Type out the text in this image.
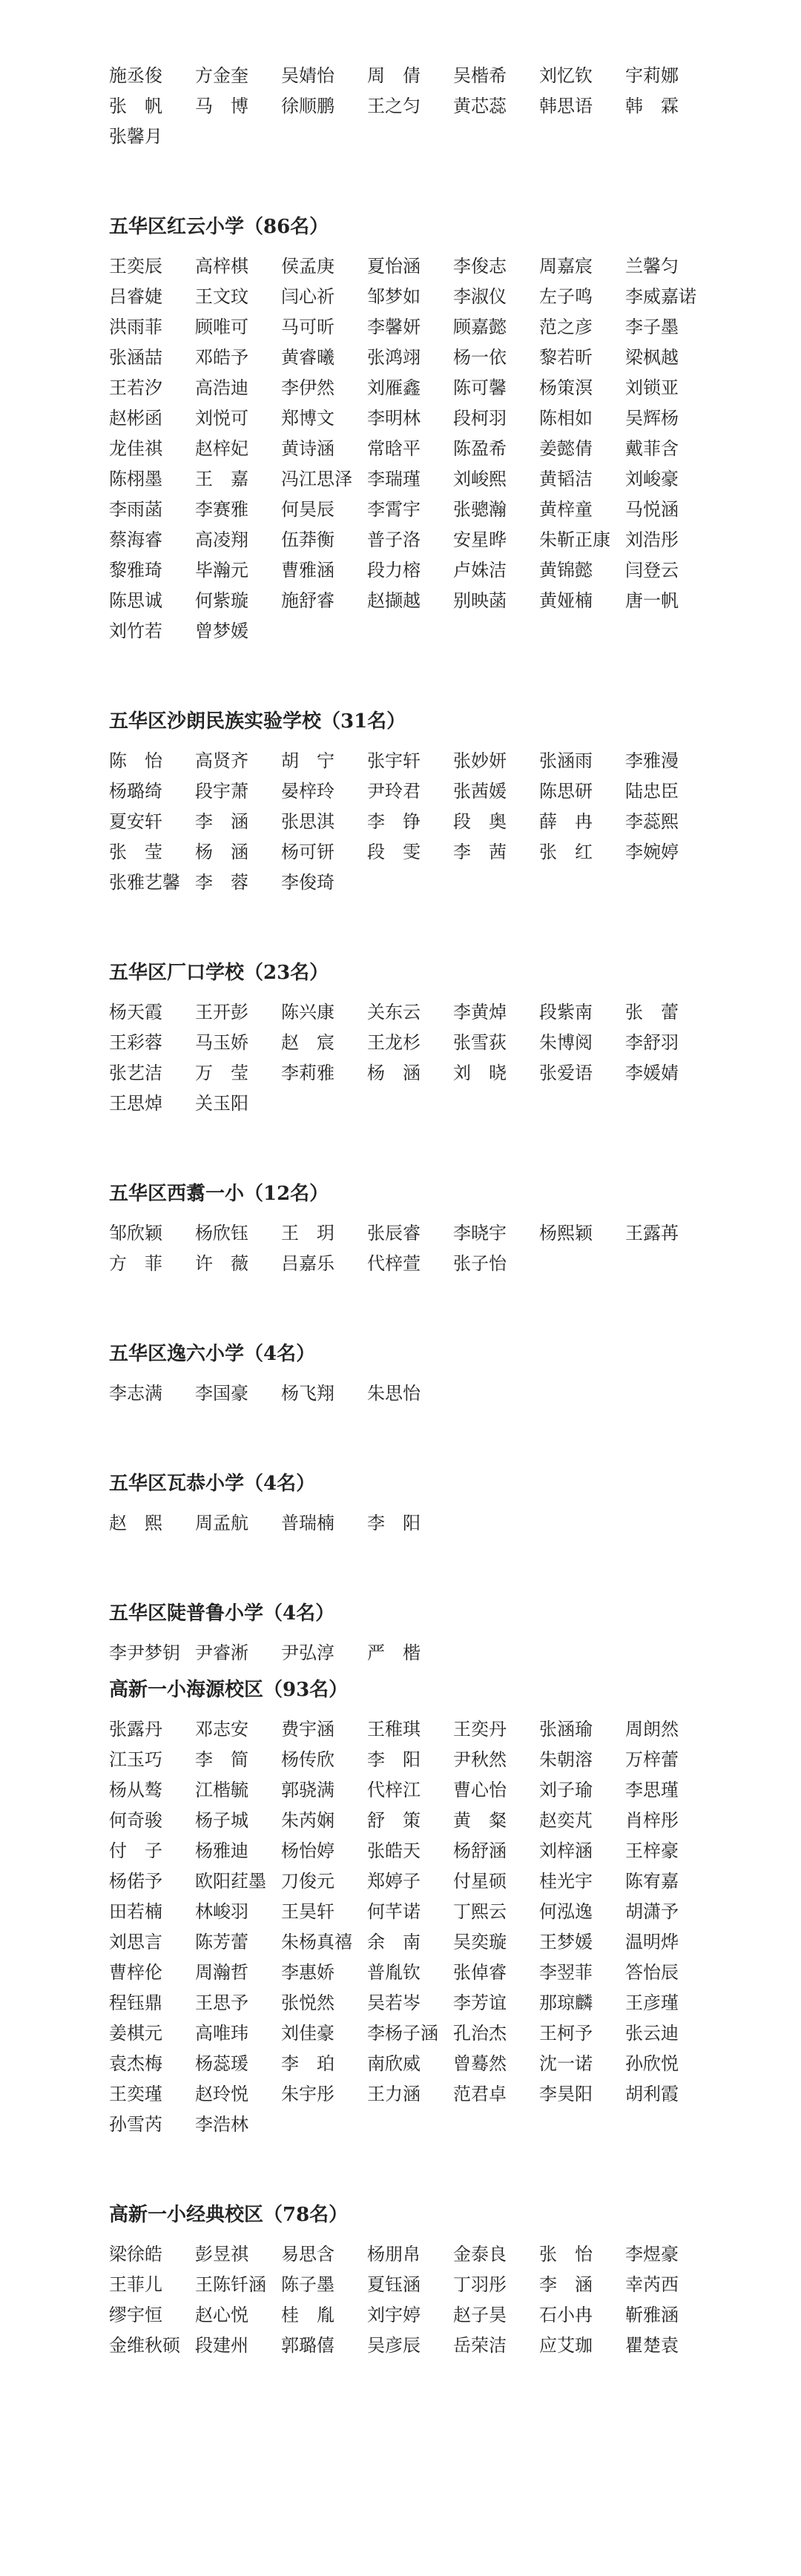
施丞俊	方金奎	吴婧怡	周　倩	吴楷希	刘忆钦	宇莉娜
张　帆	马　博	徐顺鹏	王之匀	黄芯蕊	韩思语	韩　霖
张馨月
五华区红云小学（86名）
王奕辰	高梓棋	侯孟庚	夏怡涵	李俊志	周嘉宸	兰馨匀
吕睿婕	王文玟	闫心祈	邹梦如	李淑仪	左子鸣	李威嘉诺
洪雨菲	顾唯可	马可昕	李馨妍	顾嘉懿	范之彦	李子墨
张涵喆	邓皓予	黄睿曦	张鸿翊	杨一依	黎若昕	梁枫越
王若汐	高浩迪	李伊然	刘雁鑫	陈可馨	杨策溟	刘锁亚
赵彬函	刘悦可	郑博文	李明林	段柯羽	陈相如	吴辉杨
龙佳祺	赵梓妃	黄诗涵	常晗平	陈盈希	姜懿倩	戴菲含
陈栩墨	王　嘉	冯江思泽 李瑞瑾	刘峻熙	黄韬洁	刘峻豪
李雨菡	李赛雅	何昊辰	李霄宇	张骢瀚	黄梓童	马悦涵
蔡海睿	高凌翔	伍莽衡	普子洛	安星晔	朱靳正康 刘浩彤
黎雅琦	毕瀚元	曹雅涵	段力榕	卢姝洁	黄锦懿	闫登云
陈思诚	何紫璇	施舒睿	赵撷越	别映菡	黄娅楠	唐一帆
刘竹若	曾梦媛
五华区沙朗民族实验学校（31名）
陈　怡	高贤齐	胡　宁	张宇轩	张妙妍	张涵雨	李雅漫
杨璐绮	段宇萧	晏梓玲	尹玲君	张茜媛	陈思研	陆忠臣
夏安轩	李　涵	张思淇	李　铮	段　奥	薛　冉	李蕊熙
张　莹	杨　涵	杨可钘	段　雯	李　茜	张　红	李婉婷
张雅艺馨 李　蓉	李俊琦
五华区厂口学校（23名）
杨天霞	王开彭	陈兴康	关东云	李黄焯	段紫南	张　蕾
王彩蓉	马玉娇	赵　宸	王龙杉	张雪荻	朱博阅	李舒羽
张艺洁	万　莹	李莉雅	杨　涵	刘　晓	张爱语	李媛婧
王思焯	关玉阳
五华区西翥一小（12名）
邹欣颖	杨欣钰	王　玥	张辰睿	李晓宇	杨熙颖	王露苒
方　菲	许　薇	吕嘉乐	代梓萱	张子怡
五华区逸六小学（4名）
李志满	李国豪	杨飞翔	朱思怡
五华区瓦恭小学（4名）
赵　熙	周孟航	普瑞楠	李　阳
五华区陡普鲁小学（4名）
李尹梦钥 尹睿淅	尹弘淳	严　楷
高新一小海源校区（93名）
张露丹	邓志安	费宇涵	王稚琪	王奕丹	张涵瑜	周朗然
江玉巧	李　简	杨传欣	李　阳	尹秋然	朱朝溶	万梓蕾
杨从骜	江楷毓	郭骁满	代梓江	曹心怡	刘子瑜	李思瑾
何奇骏	杨子城	朱芮娴	舒　策	黄　粲	赵奕芃	肖梓彤
付　子	杨雅迪	杨怡婷	张皓天	杨舒涵	刘梓涵	王梓豪
杨偌予	欧阳荭墨 刀俊元	郑婷子	付星硕	桂光宇	陈宥嘉
田若楠	林峻羽	王昊轩	何芊诺	丁熙云	何泓逸	胡潇予
刘思言	陈芳蕾	朱杨真禧 余　南	吴奕璇	王梦媛	温明烨
曹梓伦	周瀚哲	李惠娇	普胤钦	张倬睿	李翌菲	答怡辰
程钰鼎	王思予	张悦然	吴若岑	李芳谊	那琼麟	王彦瑾
姜棋元	高唯玮	刘佳豪	李杨子涵 孔治杰	王柯予	张云迪
袁杰梅	杨蕊瑗	李　珀	南欣威	曾蓦然	沈一诺	孙欣悦
王奕瑾	赵玲悦	朱宇彤	王力涵	范君卓	李昊阳	胡利霞
孙雪芮	李浩林
高新一小经典校区（78名）
梁徐皓	彭昱祺	易思含	杨朋帛	金泰良	张　怡	李煜豪
王菲儿	王陈钎涵 陈子墨	夏钰涵	丁羽彤	李　涵	幸芮西
缪宇恒	赵心悦	桂　胤	刘宇婷	赵子昊	石小冉	靳雅涵
金维秋硕 段建州	郭璐僖	吴彦辰	岳荣洁	应艾珈	瞿楚袁
